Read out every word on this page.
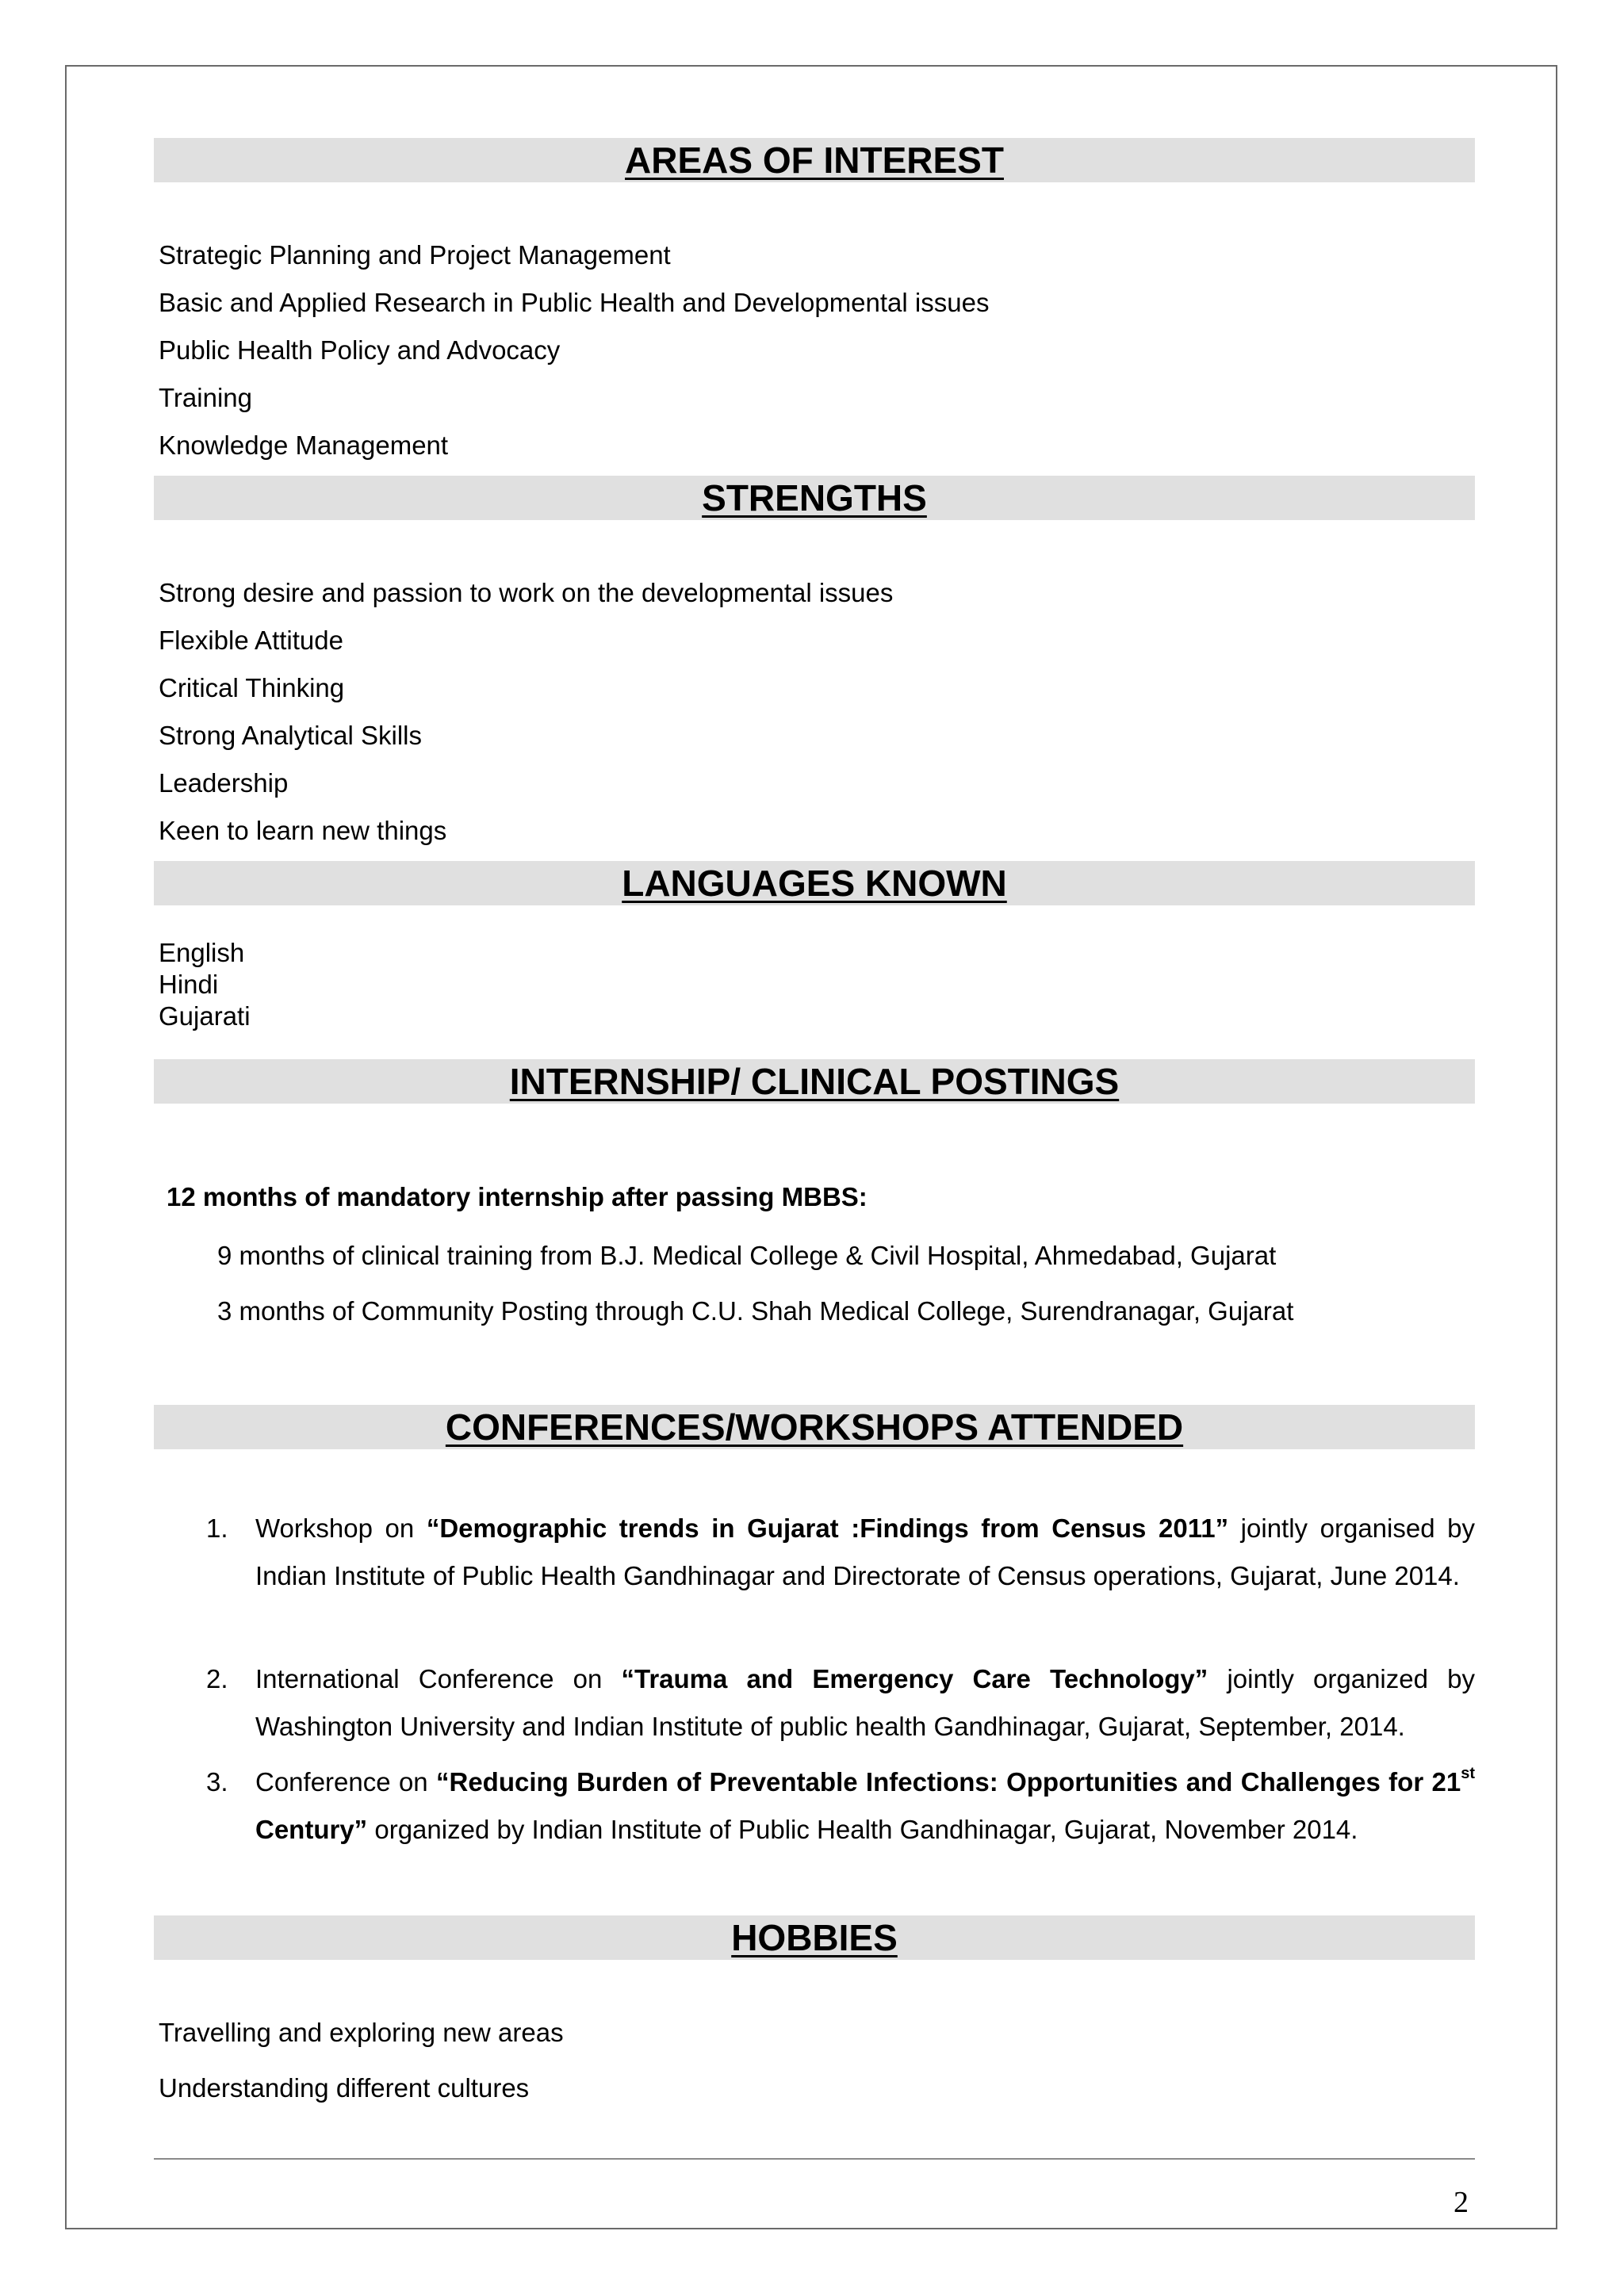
AREAS OF INTEREST
Strategic Planning and Project Management
Basic and Applied Research in Public Health and Developmental issues
Public Health Policy and Advocacy
Training
Knowledge Management
STRENGTHS
Strong desire and passion to work on the developmental issues
Flexible Attitude
Critical Thinking
Strong Analytical Skills
Leadership
Keen to learn new things
LANGUAGES KNOWN
English
Hindi
Gujarati
INTERNSHIP/ CLINICAL POSTINGS
12 months of mandatory internship after passing MBBS:
9 months of clinical training from B.J. Medical College & Civil Hospital, Ahmedabad, Gujarat
3 months of Community Posting through C.U. Shah Medical College, Surendranagar, Gujarat
CONFERENCES/WORKSHOPS ATTENDED
1. Workshop on “Demographic trends in Gujarat :Findings from Census 2011” jointly organised by Indian Institute of Public Health Gandhinagar and Directorate of Census operations, Gujarat, June 2014.
2. International Conference on “Trauma and Emergency Care Technology” jointly organized by Washington University and Indian Institute of public health Gandhinagar, Gujarat, September, 2014.
3. Conference on “Reducing Burden of Preventable Infections: Opportunities and Challenges for 21st Century” organized by Indian Institute of Public Health Gandhinagar, Gujarat, November 2014.
HOBBIES
Travelling and exploring new areas
Understanding different cultures
2
